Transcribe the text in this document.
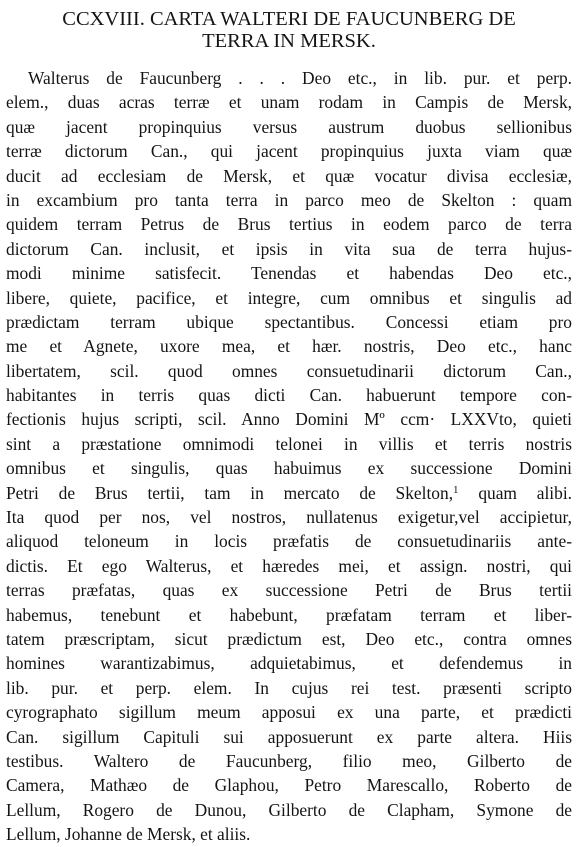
CCXVIII. CARTA WALTERI DE FAUCUNBERG DE
TERRA IN MERSK.
Walterus de Faucunberg . . . Deo etc., in lib. pur. et perp.
elem., duas acras terræ et unam rodam in Campis de Mersk,
quæ jacent propinquius versus austrum duobus sellionibus
terræ dictorum Can., qui jacent propinquius juxta viam quæ
ducit ad ecclesiam de Mersk, et quæ vocatur divisa ecclesiæ,
in excambium pro tanta terra in parco meo de Skelton : quam
quidem terram Petrus de Brus tertius in eodem parco de terra
dictorum Can. inclusit, et ipsis in vita sua de terra hujus-
modi minime satisfecit. Tenendas et habendas Deo etc.,
libere, quiete, pacifice, et integre, cum omnibus et singulis ad
prædictam terram ubique spectantibus. Concessi etiam pro
me et Agnete, uxore mea, et hær. nostris, Deo etc., hanc
libertatem, scil. quod omnes consuetudinarii dictorum Can.,
habitantes in terris quas dicti Can. habuerunt tempore con-
fectionis hujus scripti, scil. Anno Domini Mº ccm· LXXVto, quieti
sint a præstatione omnimodi telonei in villis et terris nostris
omnibus et singulis, quas habuimus ex successione Domini
Petri de Brus tertii, tam in mercato de Skelton,$^1$ quam alibi.
Ita quod per nos, vel nostros, nullatenus exigetur,vel accipietur,
aliquod teloneum in locis præfatis de consuetudinariis ante-
dictis. Et ego Walterus, et hæredes mei, et assign. nostri, qui
terras præfatas, quas ex successione Petri de Brus tertii
habemus, tenebunt et habebunt, præfatam terram et liber-
tatem præscriptam, sicut prædictum est, Deo etc., contra omnes
homines warantizabimus, adquietabimus, et defendemus in
lib. pur. et perp. elem. In cujus rei test. præsenti scripto
cyrographato sigillum meum apposui ex una parte, et prædicti
Can. sigillum Capituli sui apposuerunt ex parte altera. Hiis
testibus. Waltero de Faucunberg, filio meo, Gilberto de
Camera, Mathæo de Glaphou, Petro Marescallo, Roberto de
Lellum, Rogero de Dunou, Gilberto de Clapham, Symone de
Lellum, Johanne de Mersk, et aliis.
